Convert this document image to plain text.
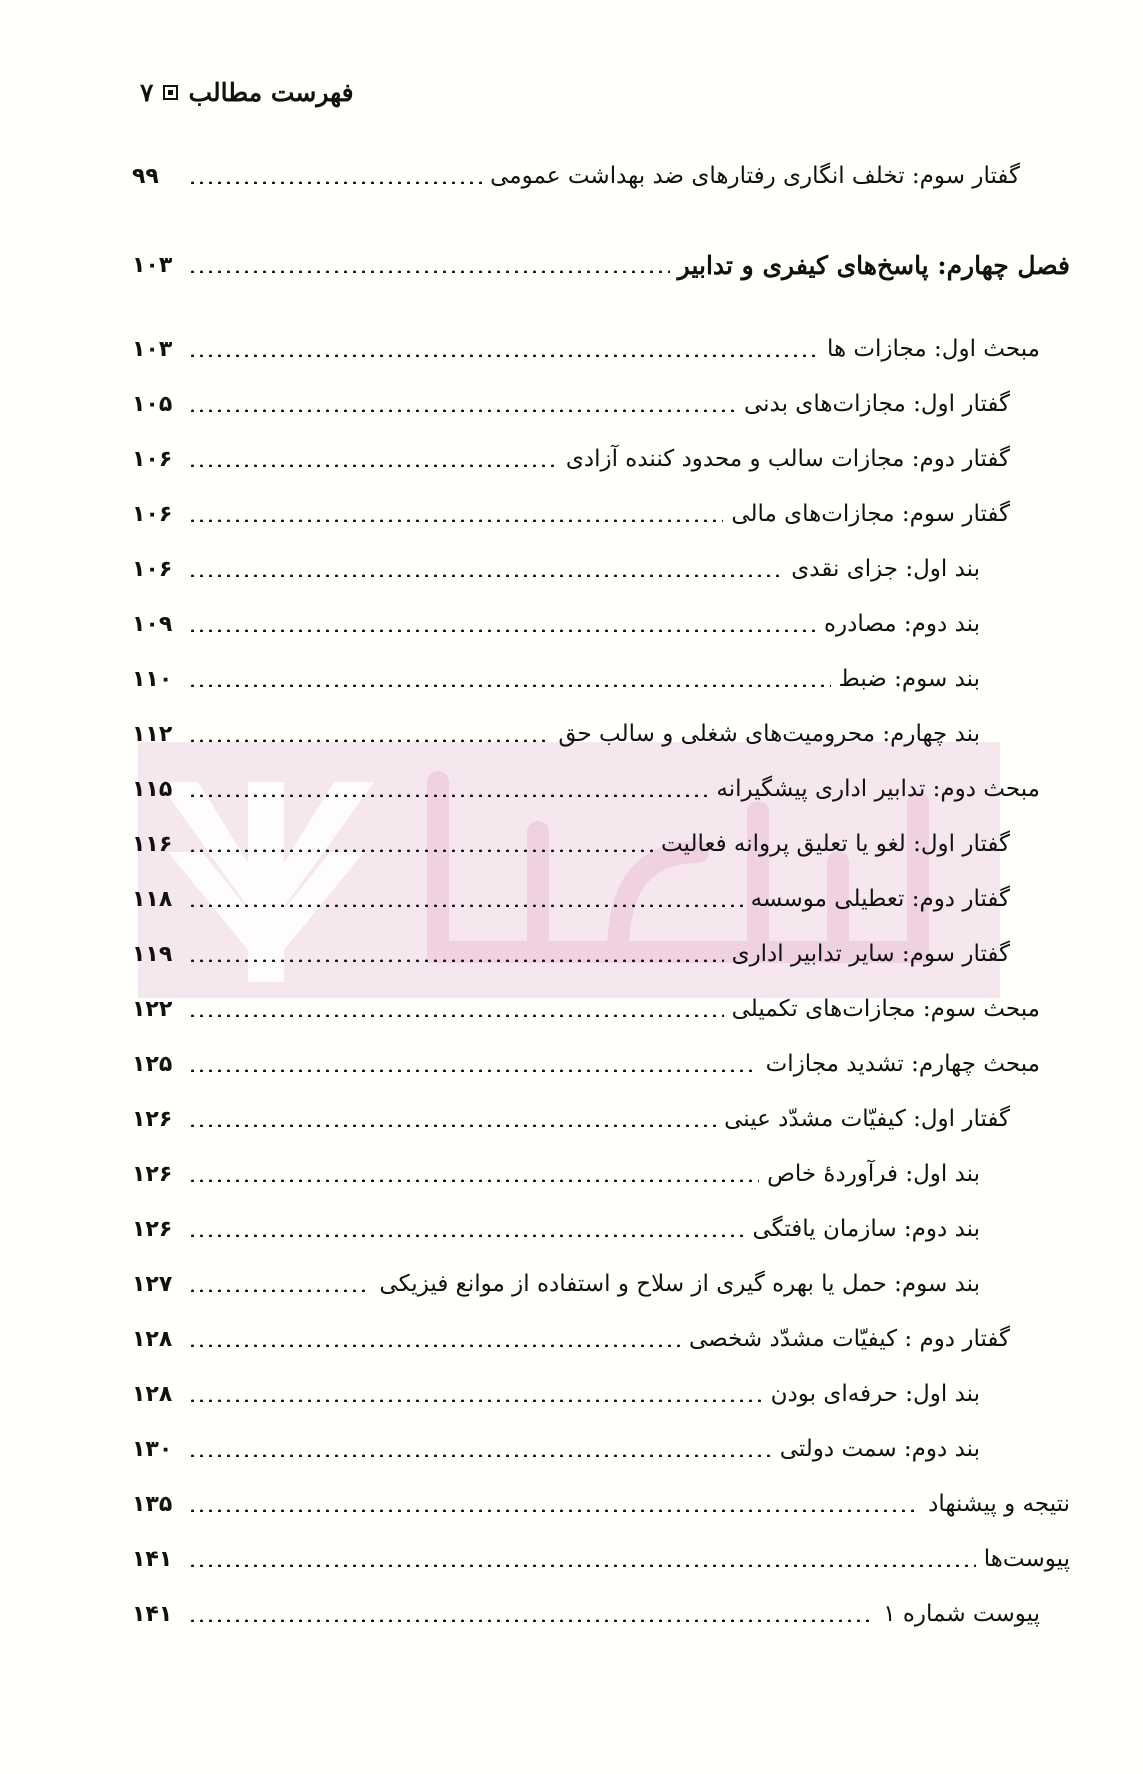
فهرست مطالب
۷
۹۹	گفتار سوم: تخلف انگاری رفتارهای ضد بهداشت عمومی
۱۰۳	فصل چهارم: پاسخ‌های کیفری و تدابیر
۱۰۳	مبحث اول: مجازات ها
۱۰۵	گفتار اول: مجازات‌های بدنی
۱۰۶	گفتار دوم: مجازات سالب و محدود کننده آزادی
۱۰۶	گفتار سوم: مجازات‌های مالی
۱۰۶	بند اول: جزای نقدی
۱۰۹	بند دوم: مصادره
۱۱۰	بند سوم: ضبط
۱۱۲	بند چهارم: محرومیت‌های شغلی و سالب حق
۱۱۵	مبحث دوم: تدابیر اداری پیشگیرانه
۱۱۶	گفتار اول: لغو یا تعلیق پروانه فعالیت
۱۱۸	گفتار دوم: تعطیلی موسسه
۱۱۹	گفتار سوم: سایر تدابیر اداری
۱۲۲	مبحث سوم: مجازات‌های تکمیلی
۱۲۵	مبحث چهارم: تشدید مجازات
۱۲۶	گفتار اول: کیفیّات مشدّد عینی
۱۲۶	بند اول: فرآوردهٔ خاص
۱۲۶	بند دوم: سازمان یافتگی
۱۲۷	بند سوم: حمل یا بهره گیری از سلاح و استفاده از موانع فیزیکی
۱۲۸	گفتار دوم : کیفیّات مشدّد شخصی
۱۲۸	بند اول: حرفه‌ای بودن
۱۳۰	بند دوم: سمت دولتی
۱۳۵	نتیجه و پیشنهاد
۱۴۱	پیوست‌ها
۱۴۱	پیوست شماره ۱
